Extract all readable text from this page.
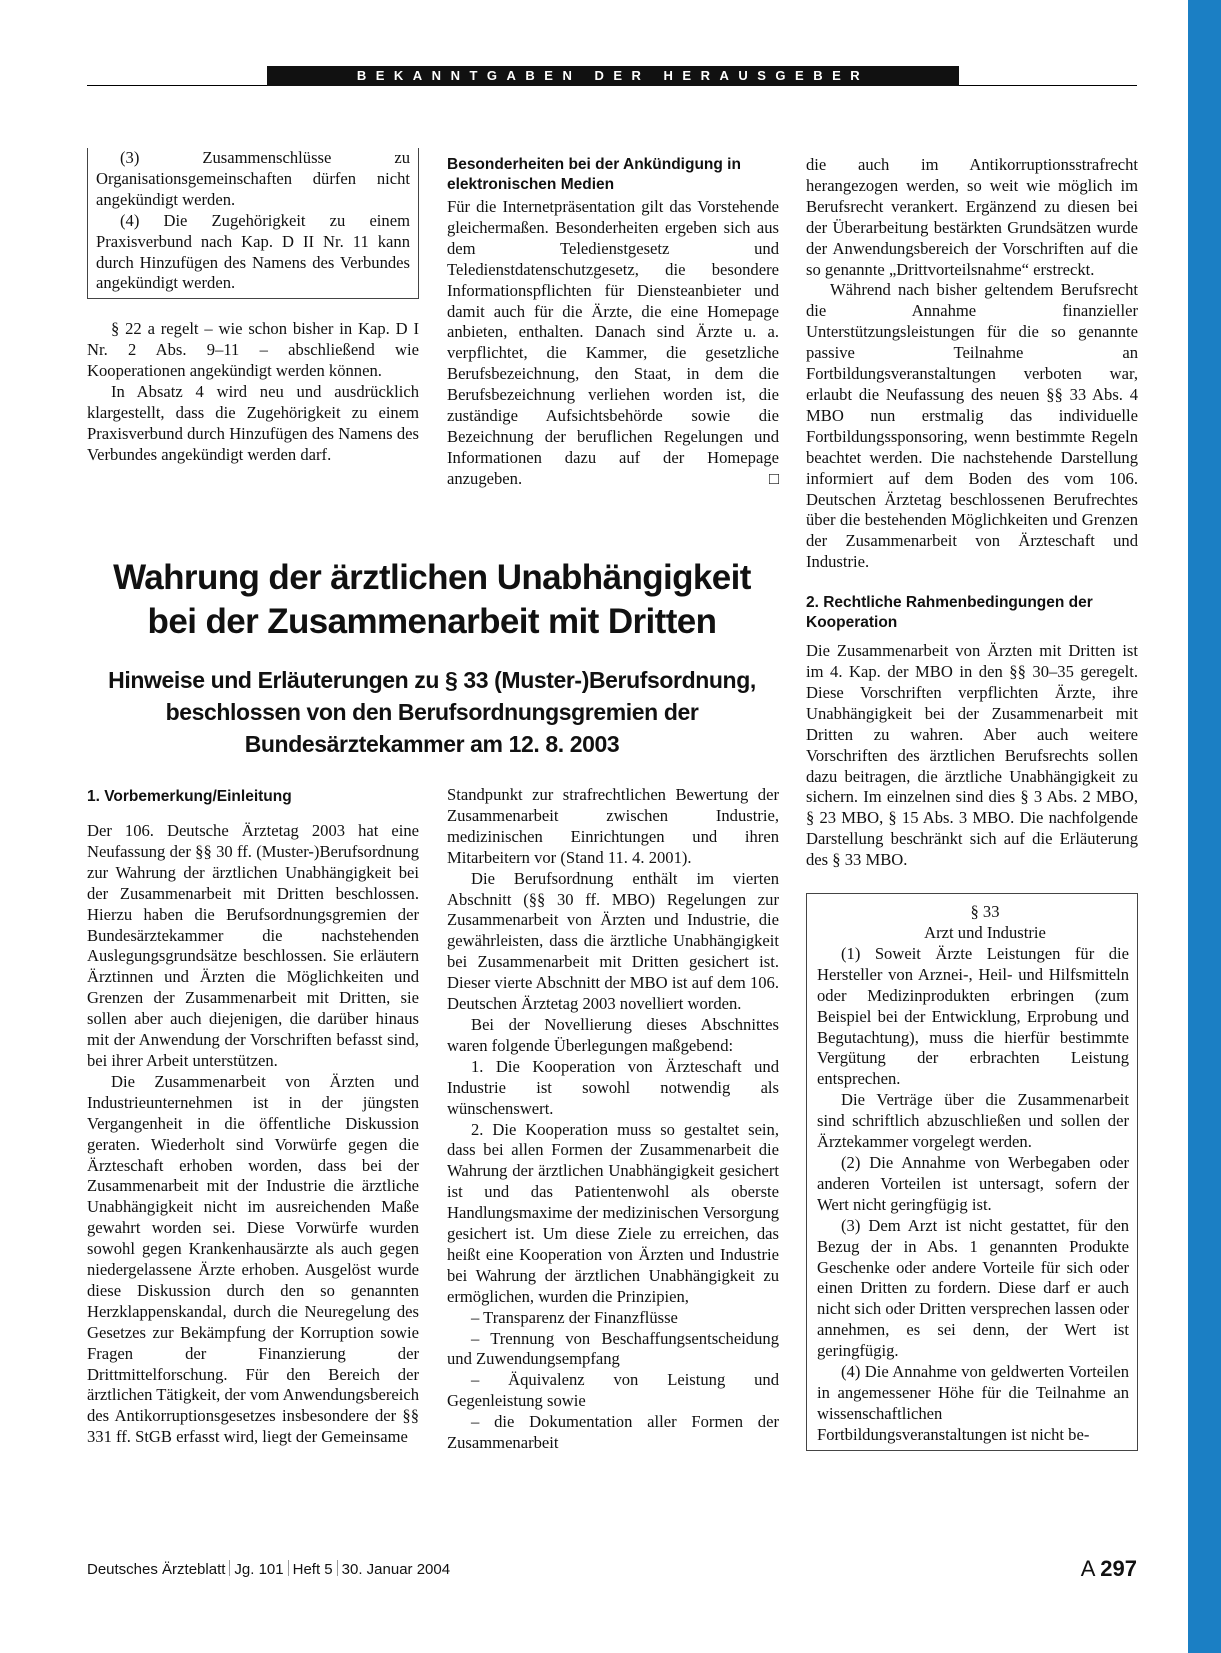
BEKANNTGABEN DER HERAUSGEBER

(3) Zusammenschlüsse zu Organisationsgemeinschaften dürfen nicht angekündigt werden.

(4) Die Zugehörigkeit zu einem Praxisverbund nach Kap. D II Nr. 11 kann durch Hinzufügen des Namens des Verbundes angekündigt werden.

§ 22 a regelt – wie schon bisher in Kap. D I Nr. 2 Abs. 9–11 – abschließend wie Kooperationen angekündigt werden können.

In Absatz 4 wird neu und ausdrücklich klargestellt, dass die Zugehörigkeit zu einem Praxisverbund durch Hinzufügen des Namens des Verbundes angekündigt werden darf.

Besonderheiten bei der Ankündigung in elektronischen Medien

Für die Internetpräsentation gilt das Vorstehende gleichermaßen. Besonderheiten ergeben sich aus dem Teledienstgesetz und Teledienstdatenschutzgesetz, die besondere Informationspflichten für Diensteanbieter und damit auch für die Ärzte, die eine Homepage anbieten, enthalten. Danach sind Ärzte u. a. verpflichtet, die Kammer, die gesetzliche Berufsbezeichnung, den Staat, in dem die Berufsbezeichnung verliehen worden ist, die zuständige Aufsichtsbehörde sowie die Bezeichnung der beruflichen Regelungen und Informationen dazu auf der Homepage anzugeben.	□

Wahrung der ärztlichen Unabhängigkeit bei der Zusammenarbeit mit Dritten
Hinweise und Erläuterungen zu § 33 (Muster-)Berufsordnung, beschlossen von den Berufsordnungsgremien der Bundesärztekammer am 12. 8. 2003
1. Vorbemerkung/Einleitung

Der 106. Deutsche Ärztetag 2003 hat eine Neufassung der §§ 30 ff. (Muster-)Berufsordnung zur Wahrung der ärztlichen Unabhängigkeit bei der Zusammenarbeit mit Dritten beschlossen. Hierzu haben die Berufsordnungsgremien der Bundesärztekammer die nachstehenden Auslegungsgrundsätze beschlossen. Sie erläutern Ärztinnen und Ärzten die Möglichkeiten und Grenzen der Zusammenarbeit mit Dritten, sie sollen aber auch diejenigen, die darüber hinaus mit der Anwendung der Vorschriften befasst sind, bei ihrer Arbeit unterstützen.

Die Zusammenarbeit von Ärzten und Industrieunternehmen ist in der jüngsten Vergangenheit in die öffentliche Diskussion geraten. Wiederholt sind Vorwürfe gegen die Ärzteschaft erhoben worden, dass bei der Zusammenarbeit mit der Industrie die ärztliche Unabhängigkeit nicht im ausreichenden Maße gewahrt worden sei. Diese Vorwürfe wurden sowohl gegen Krankenhausärzte als auch gegen niedergelassene Ärzte erhoben. Ausgelöst wurde diese Diskussion durch den so genannten Herzklappenskandal, durch die Neuregelung des Gesetzes zur Bekämpfung der Korruption sowie Fragen der Finanzierung der Drittmittelforschung. Für den Bereich der ärztlichen Tätigkeit, der vom Anwendungsbereich des Antikorruptionsgesetzes insbesondere der §§ 331 ff. StGB erfasst wird, liegt der Gemeinsame

Standpunkt zur strafrechtlichen Bewertung der Zusammenarbeit zwischen Industrie, medizinischen Einrichtungen und ihren Mitarbeitern vor (Stand 11. 4. 2001).

Die Berufsordnung enthält im vierten Abschnitt (§§ 30 ff. MBO) Regelungen zur Zusammenarbeit von Ärzten und Industrie, die gewährleisten, dass die ärztliche Unabhängigkeit bei Zusammenarbeit mit Dritten gesichert ist. Dieser vierte Abschnitt der MBO ist auf dem 106. Deutschen Ärztetag 2003 novelliert worden.

Bei der Novellierung dieses Abschnittes waren folgende Überlegungen maßgebend:

1. Die Kooperation von Ärzteschaft und Industrie ist sowohl notwendig als wünschenswert.

2. Die Kooperation muss so gestaltet sein, dass bei allen Formen der Zusammenarbeit die Wahrung der ärztlichen Unabhängigkeit gesichert ist und das Patientenwohl als oberste Handlungsmaxime der medizinischen Versorgung gesichert ist. Um diese Ziele zu erreichen, das heißt eine Kooperation von Ärzten und Industrie bei Wahrung der ärztlichen Unabhängigkeit zu ermöglichen, wurden die Prinzipien,

– Transparenz der Finanzflüsse

– Trennung von Beschaffungsentscheidung und Zuwendungsempfang

– Äquivalenz von Leistung und Gegenleistung sowie

– die Dokumentation aller Formen der Zusammenarbeit

die auch im Antikorruptionsstrafrecht herangezogen werden, so weit wie möglich im Berufsrecht verankert. Ergänzend zu diesen bei der Überarbeitung bestärkten Grundsätzen wurde der Anwendungsbereich der Vorschriften auf die so genannte „Drittvorteilsnahme“ erstreckt.

Während nach bisher geltendem Berufsrecht die Annahme finanzieller Unterstützungsleistungen für die so genannte passive Teilnahme an Fortbildungsveranstaltungen verboten war, erlaubt die Neufassung des neuen §§ 33 Abs. 4 MBO nun erstmalig das individuelle Fortbildungssponsoring, wenn bestimmte Regeln beachtet werden. Die nachstehende Darstellung informiert auf dem Boden des vom 106. Deutschen Ärztetag beschlossenen Berufrechtes über die bestehenden Möglichkeiten und Grenzen der Zusammenarbeit von Ärzteschaft und Industrie.

2. Rechtliche Rahmenbedingungen der Kooperation

Die Zusammenarbeit von Ärzten mit Dritten ist im 4. Kap. der MBO in den §§ 30–35 geregelt. Diese Vorschriften verpflichten Ärzte, ihre Unabhängigkeit bei der Zusammenarbeit mit Dritten zu wahren. Aber auch weitere Vorschriften des ärztlichen Berufsrechts sollen dazu beitragen, die ärztliche Unabhängigkeit zu sichern. Im einzelnen sind dies § 3 Abs. 2 MBO, § 23 MBO, § 15 Abs. 3 MBO. Die nachfolgende Darstellung beschränkt sich auf die Erläuterung des § 33 MBO.

§ 33

Arzt und Industrie

(1) Soweit Ärzte Leistungen für die Hersteller von Arznei-, Heil- und Hilfsmitteln oder Medizinprodukten erbringen (zum Beispiel bei der Entwicklung, Erprobung und Begutachtung), muss die hierfür bestimmte Vergütung der erbrachten Leistung entsprechen.

Die Verträge über die Zusammenarbeit sind schriftlich abzuschließen und sollen der Ärztekammer vorgelegt werden.

(2) Die Annahme von Werbegaben oder anderen Vorteilen ist untersagt, sofern der Wert nicht geringfügig ist.

(3) Dem Arzt ist nicht gestattet, für den Bezug der in Abs. 1 genannten Produkte Geschenke oder andere Vorteile für sich oder einen Dritten zu fordern. Diese darf er auch nicht sich oder Dritten versprechen lassen oder annehmen, es sei denn, der Wert ist geringfügig.

(4) Die Annahme von geldwerten Vorteilen in angemessener Höhe für die Teilnahme an wissenschaftlichen Fortbildungsveranstaltungen ist nicht be-

Deutsches Ärzteblatt Jg. 101 Heft 5 30. Januar 2004	A 297
